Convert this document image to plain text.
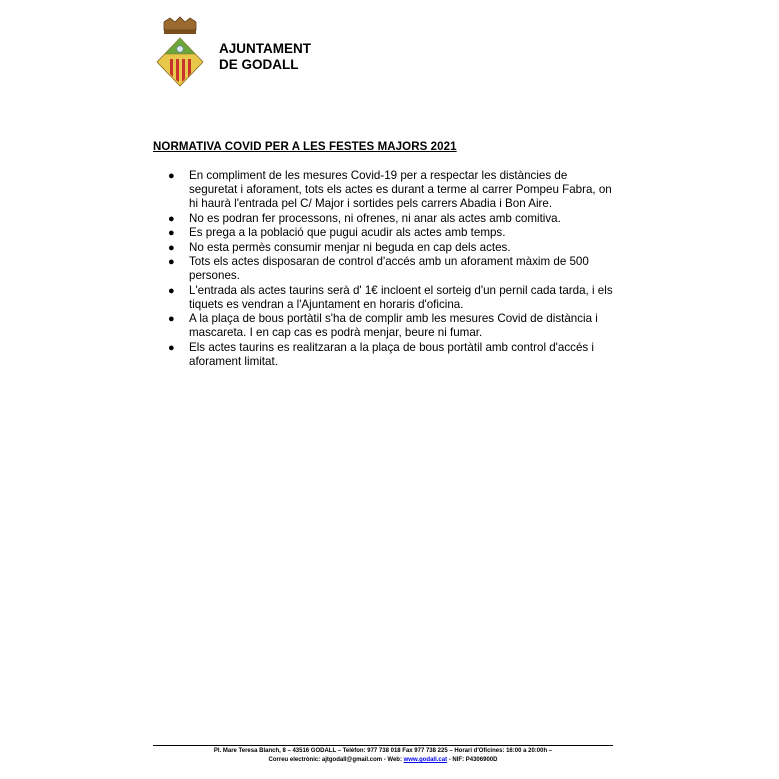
AJUNTAMENT
DE GODALL
NORMATIVA COVID PER A LES FESTES MAJORS 2021
● En compliment de les mesures Covid-19 per a respectar les distàncies de seguretat i aforament, tots els actes es durant a terme al carrer Pompeu Fabra, on hi haurà l'entrada pel C/ Major i sortides pels carrers Abadia i Bon Aire.
● No es podran fer processons, ni ofrenes, ni anar als actes amb comitiva.
● Es prega a la població que pugui acudir als actes amb temps.
● No esta permès consumir menjar ni beguda en cap dels actes.
● Tots els actes disposaran de control d'accés amb un aforament màxim de 500 persones.
● L'entrada als actes taurins serà d' 1€ incloent el sorteig d'un pernil cada tarda, i els tiquets es vendran a l'Ajuntament en horaris d'oficina.
● A la plaça de bous portàtil s'ha de complir amb les mesures Covid de distància i mascareta. I en cap cas es podrà menjar, beure ni fumar.
● Els actes taurins es realitzaran a la plaça de bous portàtil amb control d'accés i aforament limitat.
Pl. Mare Teresa Blanch, 8 – 43516 GODALL – Telèfon: 977 738 018 Fax 977 738 225 – Horari d'Oficines: 16:00 a 20:00h –
Correu electrònic: ajtgodall@gmail.com - Web: www.godall.cat - NIF: P4306900D
